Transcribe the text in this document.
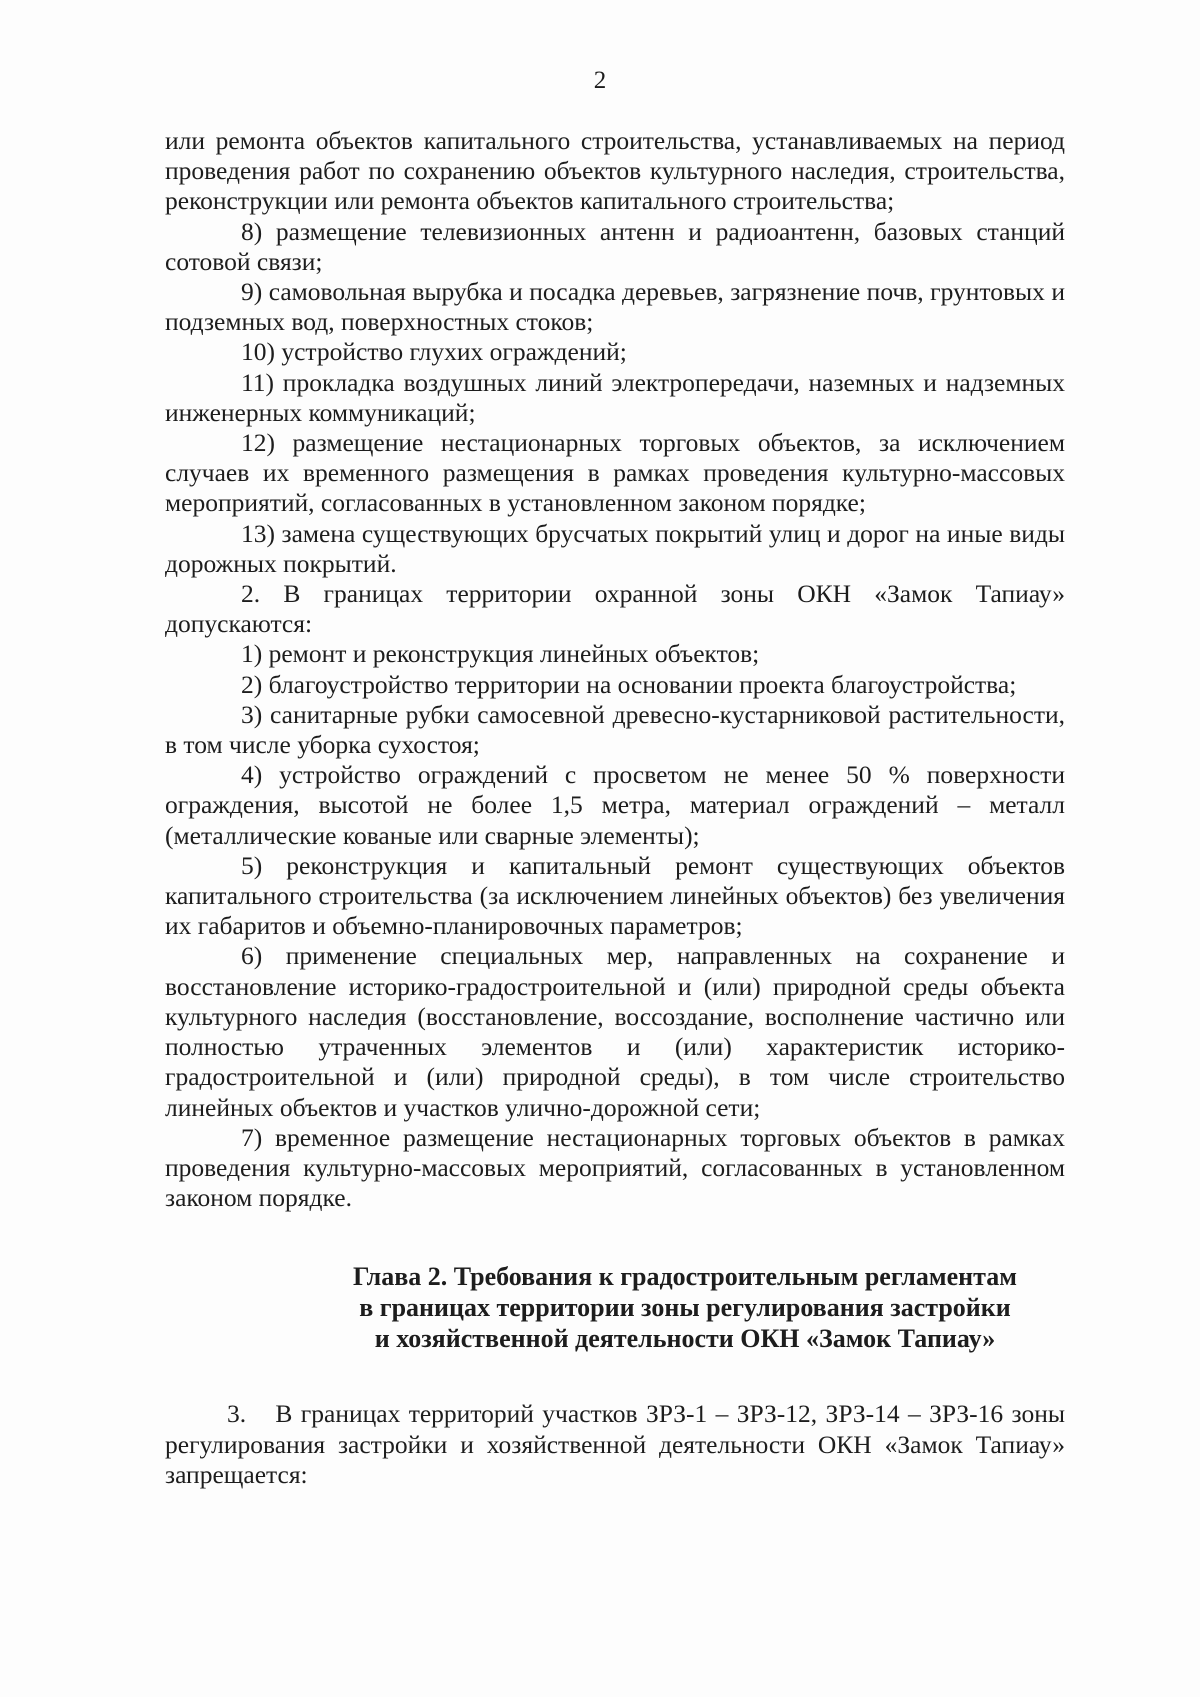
2

или ремонта объектов капитального строительства, устанавливаемых на период проведения работ по сохранению объектов культурного наследия, строительства, реконструкции или ремонта объектов капитального строительства;

8) размещение телевизионных антенн и радиоантенн, базовых станций сотовой связи;

9) самовольная вырубка и посадка деревьев, загрязнение почв, грунтовых и подземных вод, поверхностных стоков;

10) устройство глухих ограждений;

11) прокладка воздушных линий электропередачи, наземных и надземных инженерных коммуникаций;

12) размещение нестационарных торговых объектов, за исключением случаев их временного размещения в рамках проведения культурно-массовых мероприятий, согласованных в установленном законом порядке;

13) замена существующих брусчатых покрытий улиц и дорог на иные виды дорожных покрытий.

2. В границах территории охранной зоны ОКН «Замок Тапиау» допускаются:

1) ремонт и реконструкция линейных объектов;

2) благоустройство территории на основании проекта благоустройства;

3) санитарные рубки самосевной древесно-кустарниковой растительности, в том числе уборка сухостоя;

4) устройство ограждений с просветом не менее 50 % поверхности ограждения, высотой не более 1,5 метра, материал ограждений – металл (металлические кованые или сварные элементы);

5) реконструкция и капитальный ремонт существующих объектов капитального строительства (за исключением линейных объектов) без увеличения их габаритов и объемно-планировочных параметров;

6) применение специальных мер, направленных на сохранение и восстановление историко-градостроительной и (или) природной среды объекта культурного наследия (восстановление, воссоздание, восполнение частично или полностью утраченных элементов и (или) характеристик историко-градостроительной и (или) природной среды), в том числе строительство линейных объектов и участков улично-дорожной сети;

7) временное размещение нестационарных торговых объектов в рамках проведения культурно-массовых мероприятий, согласованных в установленном законом порядке.

Глава 2. Требования к градостроительным регламентам
в границах территории зоны регулирования застройки
и хозяйственной деятельности ОКН «Замок Тапиау»

3. В границах территорий участков ЗРЗ-1 – ЗРЗ-12, ЗРЗ-14 – ЗРЗ-16 зоны регулирования застройки и хозяйственной деятельности ОКН «Замок Тапиау» запрещается:
